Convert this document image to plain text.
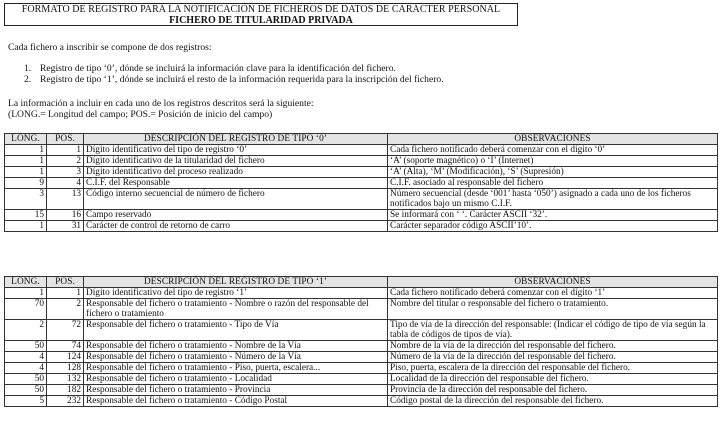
FORMATO DE REGISTRO PARA LA NOTIFICACIÓN DE FICHEROS DE DATOS DE CARÁCTER PERSONAL
FICHERO DE TITULARIDAD PRIVADA
Cada fichero a inscribir se compone de dos registros:
1. Registro de tipo ‘0’, dónde se incluirá la información clave para la identificación del fichero.
2. Registro de tipo ‘1’, dónde se incluirá el resto de la información requerida para la inscripción del fichero.
La información a incluir en cada uno de los registros descritos será la siguiente:
(LONG.= Longitud del campo; POS.= Posición de inicio del campo)
LONG.	POS.	DESCRIPCIÓN DEL REGISTRO DE TIPO ‘0’	OBSERVACIONES
1	1	Dígito identificativo del tipo de registro ‘0’	Cada fichero notificado deberá comenzar con el dígito ‘0’
1	2	Dígito identificativo de la titularidad del fichero	‘A’ (soporte magnético) o ‘I’ (Internet)
1	3	Dígito identificativo del proceso realizado	‘A’ (Alta), ‘M’ (Modificación), ‘S’ (Supresión)
9	4	C.I.F. del Responsable	C.I.F. asociado al responsable del fichero
3	13	Código interno secuencial de número de fichero	Número secuencial (desde ‘001’ hasta ‘050’) asignado a cada uno de los ficheros notificados bajo un mismo C.I.F.
15	16	Campo reservado	Se informará con ‘ ‘. Carácter ASCII ‘32’.
1	31	Carácter de control de retorno de carro	Carácter separador código ASCII’10’.
LONG.	POS.	DESCRIPCIÓN DEL REGISTRO DE TIPO ‘1’	OBSERVACIONES
1	1	Dígito identificativo del tipo de registro ‘1’	Cada fichero notificado deberá comenzar con el dígito ‘1’
70	2	Responsable del fichero o tratamiento - Nombre o razón del responsable del fichero o tratamiento	Nombre del titular o responsable del fichero o tratamiento.
2	72	Responsable del fichero o tratamiento - Tipo de Vía	Tipo de vía de la dirección del responsable: (Indicar el código de tipo de vía según la tabla de códigos de tipos de vía).
50	74	Responsable del fichero o tratamiento - Nombre de la Vía	Nombre de la vía de la dirección del responsable del fichero.
4	124	Responsable del fichero o tratamiento - Número de la Vía	Número de la vía de la dirección del responsable del fichero.
4	128	Responsable del fichero o tratamiento - Piso, puerta, escalera...	Piso, puerta, escalera de la dirección del responsable del fichero.
50	132	Responsable del fichero o tratamiento - Localidad	Localidad de la dirección del responsable del fichero.
50	182	Responsable del fichero o tratamiento - Provincia	Provincia de la dirección del responsable del fichero.
5	232	Responsable del fichero o tratamiento - Código Postal	Código postal de la dirección del responsable del fichero.
